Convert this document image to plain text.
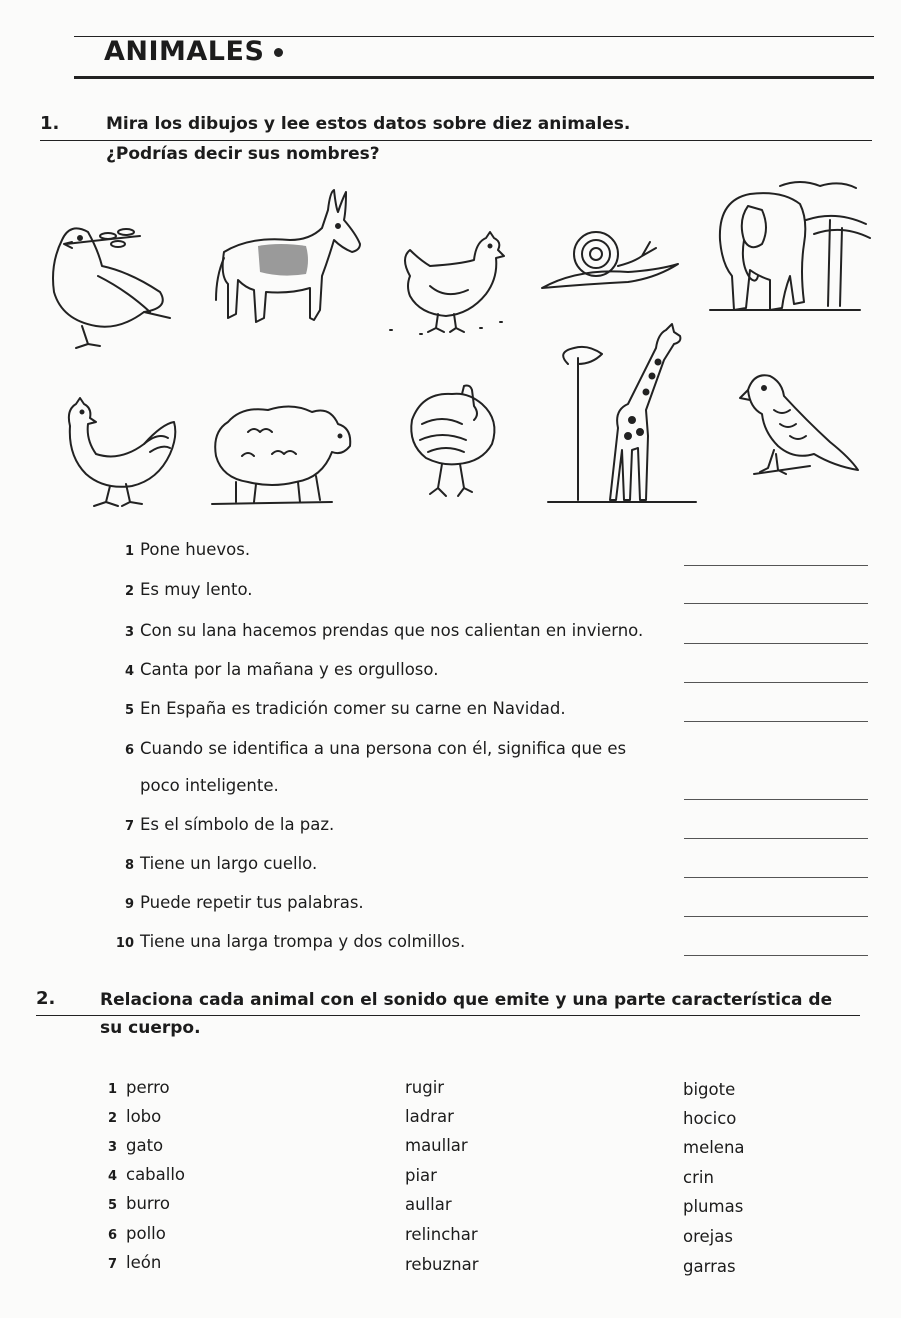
ANIMALES
1.	Mira los dibujos y lee estos datos sobre diez animales.
¿Podrías decir sus nombres?
1 Pone huevos.
2 Es muy lento.
3 Con su lana hacemos prendas que nos calientan en invierno.
4 Canta por la mañana y es orgulloso.
5 En España es tradición comer su carne en Navidad.
6 Cuando se identifica a una persona con él, significa que es
poco inteligente.
7 Es el símbolo de la paz.
8 Tiene un largo cuello.
9 Puede repetir tus palabras.
10 Tiene una larga trompa y dos colmillos.
2.	Relaciona cada animal con el sonido que emite y una parte característica de
su cuerpo.
1 perro
2 lobo
3 gato
4 caballo
5 burro
6 pollo
7 león
rugir
ladrar
maullar
piar
aullar
relinchar
rebuznar
bigote
hocico
melena
crin
plumas
orejas
garras
